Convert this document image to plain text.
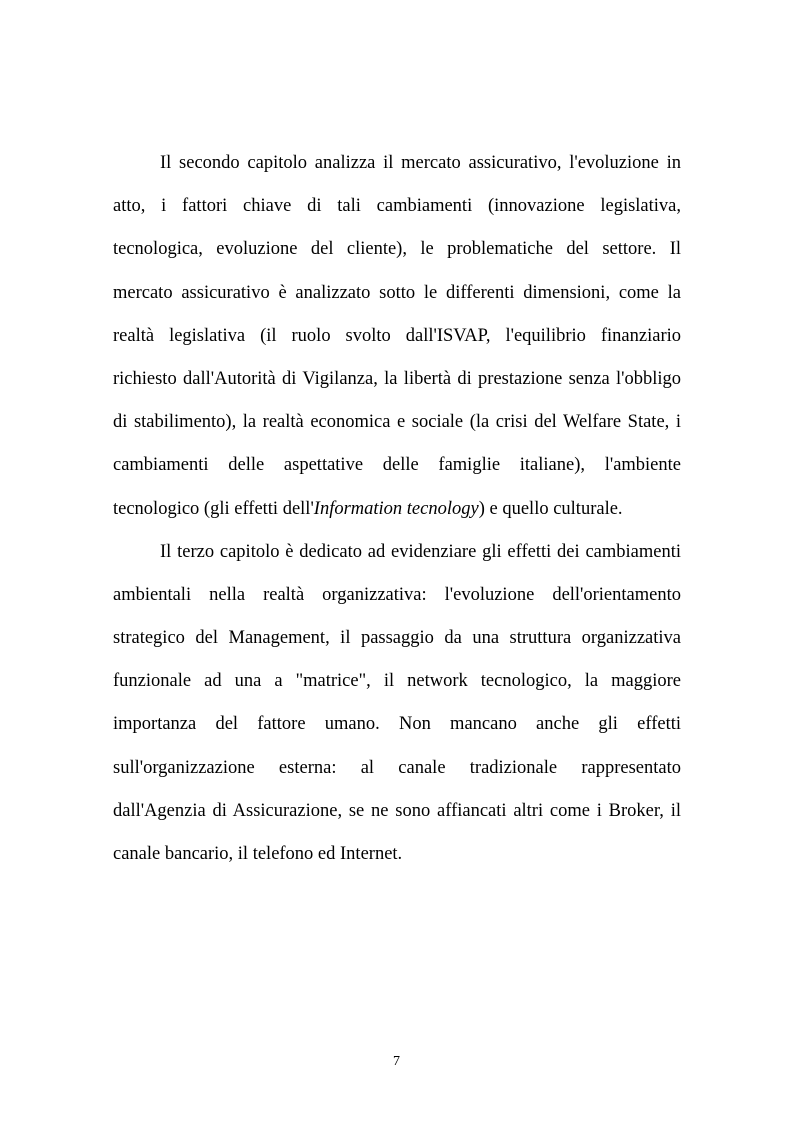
Il secondo capitolo analizza il mercato assicurativo, l'evoluzione in
atto, i fattori chiave di tali cambiamenti (innovazione legislativa,
tecnologica, evoluzione del cliente), le problematiche del settore. Il
mercato assicurativo è analizzato sotto le differenti dimensioni, come la
realtà legislativa (il ruolo svolto dall'ISVAP, l'equilibrio finanziario
richiesto dall'Autorità di Vigilanza, la libertà di prestazione senza l'obbligo
di stabilimento), la realtà economica e sociale (la crisi del Welfare State, i
cambiamenti delle aspettative delle famiglie italiane), l'ambiente
tecnologico (gli effetti dell'Information tecnology) e quello culturale.

Il terzo capitolo è dedicato ad evidenziare gli effetti dei cambiamenti
ambientali nella realtà organizzativa: l'evoluzione dell'orientamento
strategico del Management, il passaggio da una struttura organizzativa
funzionale ad una a "matrice", il network tecnologico, la maggiore
importanza del fattore umano. Non mancano anche gli effetti
sull'organizzazione esterna: al canale tradizionale rappresentato
dall'Agenzia di Assicurazione, se ne sono affiancati altri come i Broker, il
canale bancario, il telefono ed Internet.

7
